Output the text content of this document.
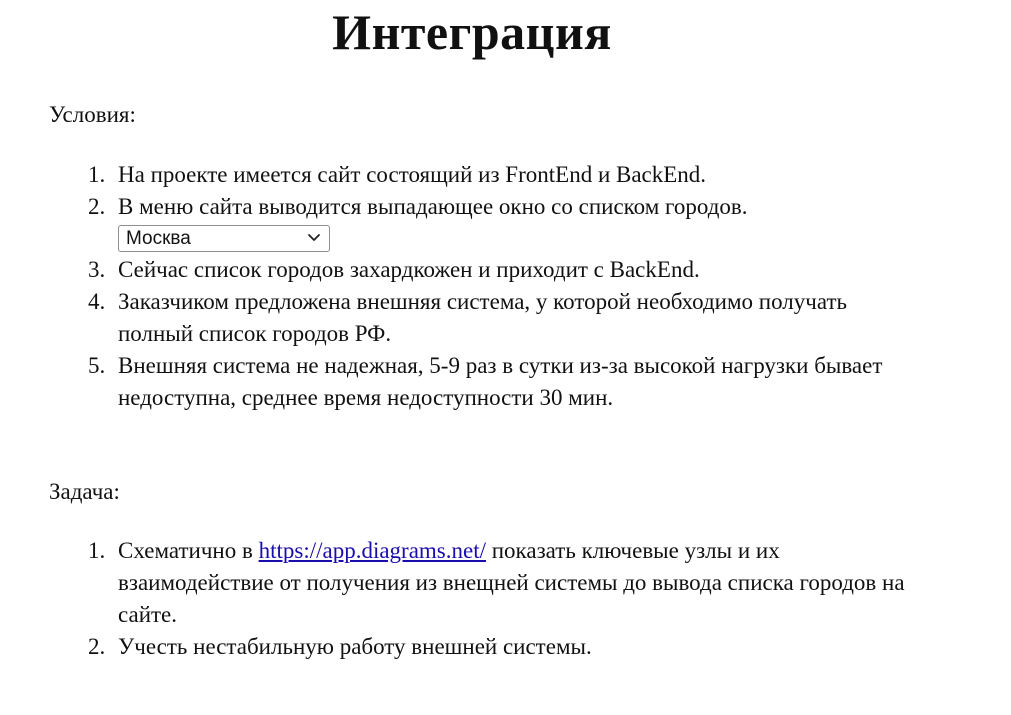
Интеграция

Условия:

1. На проекте имеется сайт состоящий из FrontEnd и BackEnd.
2. В меню сайта выводится выпадающее окно со списком городов.
Москва
3. Сейчас список городов захардкожен и приходит с BackEnd.
4. Заказчиком предложена внешняя система, у которой необходимо получать полный список городов РФ.
5. Внешняя система не надежная, 5-9 раз в сутки из-за высокой нагрузки бывает недоступна, среднее время недоступности 30 мин.

Задача:

1. Схематично в https://app.diagrams.net/ показать ключевые узлы и их взаимодействие от получения из внещней системы до вывода списка городов на сайте.
2. Учесть нестабильную работу внешней системы.
